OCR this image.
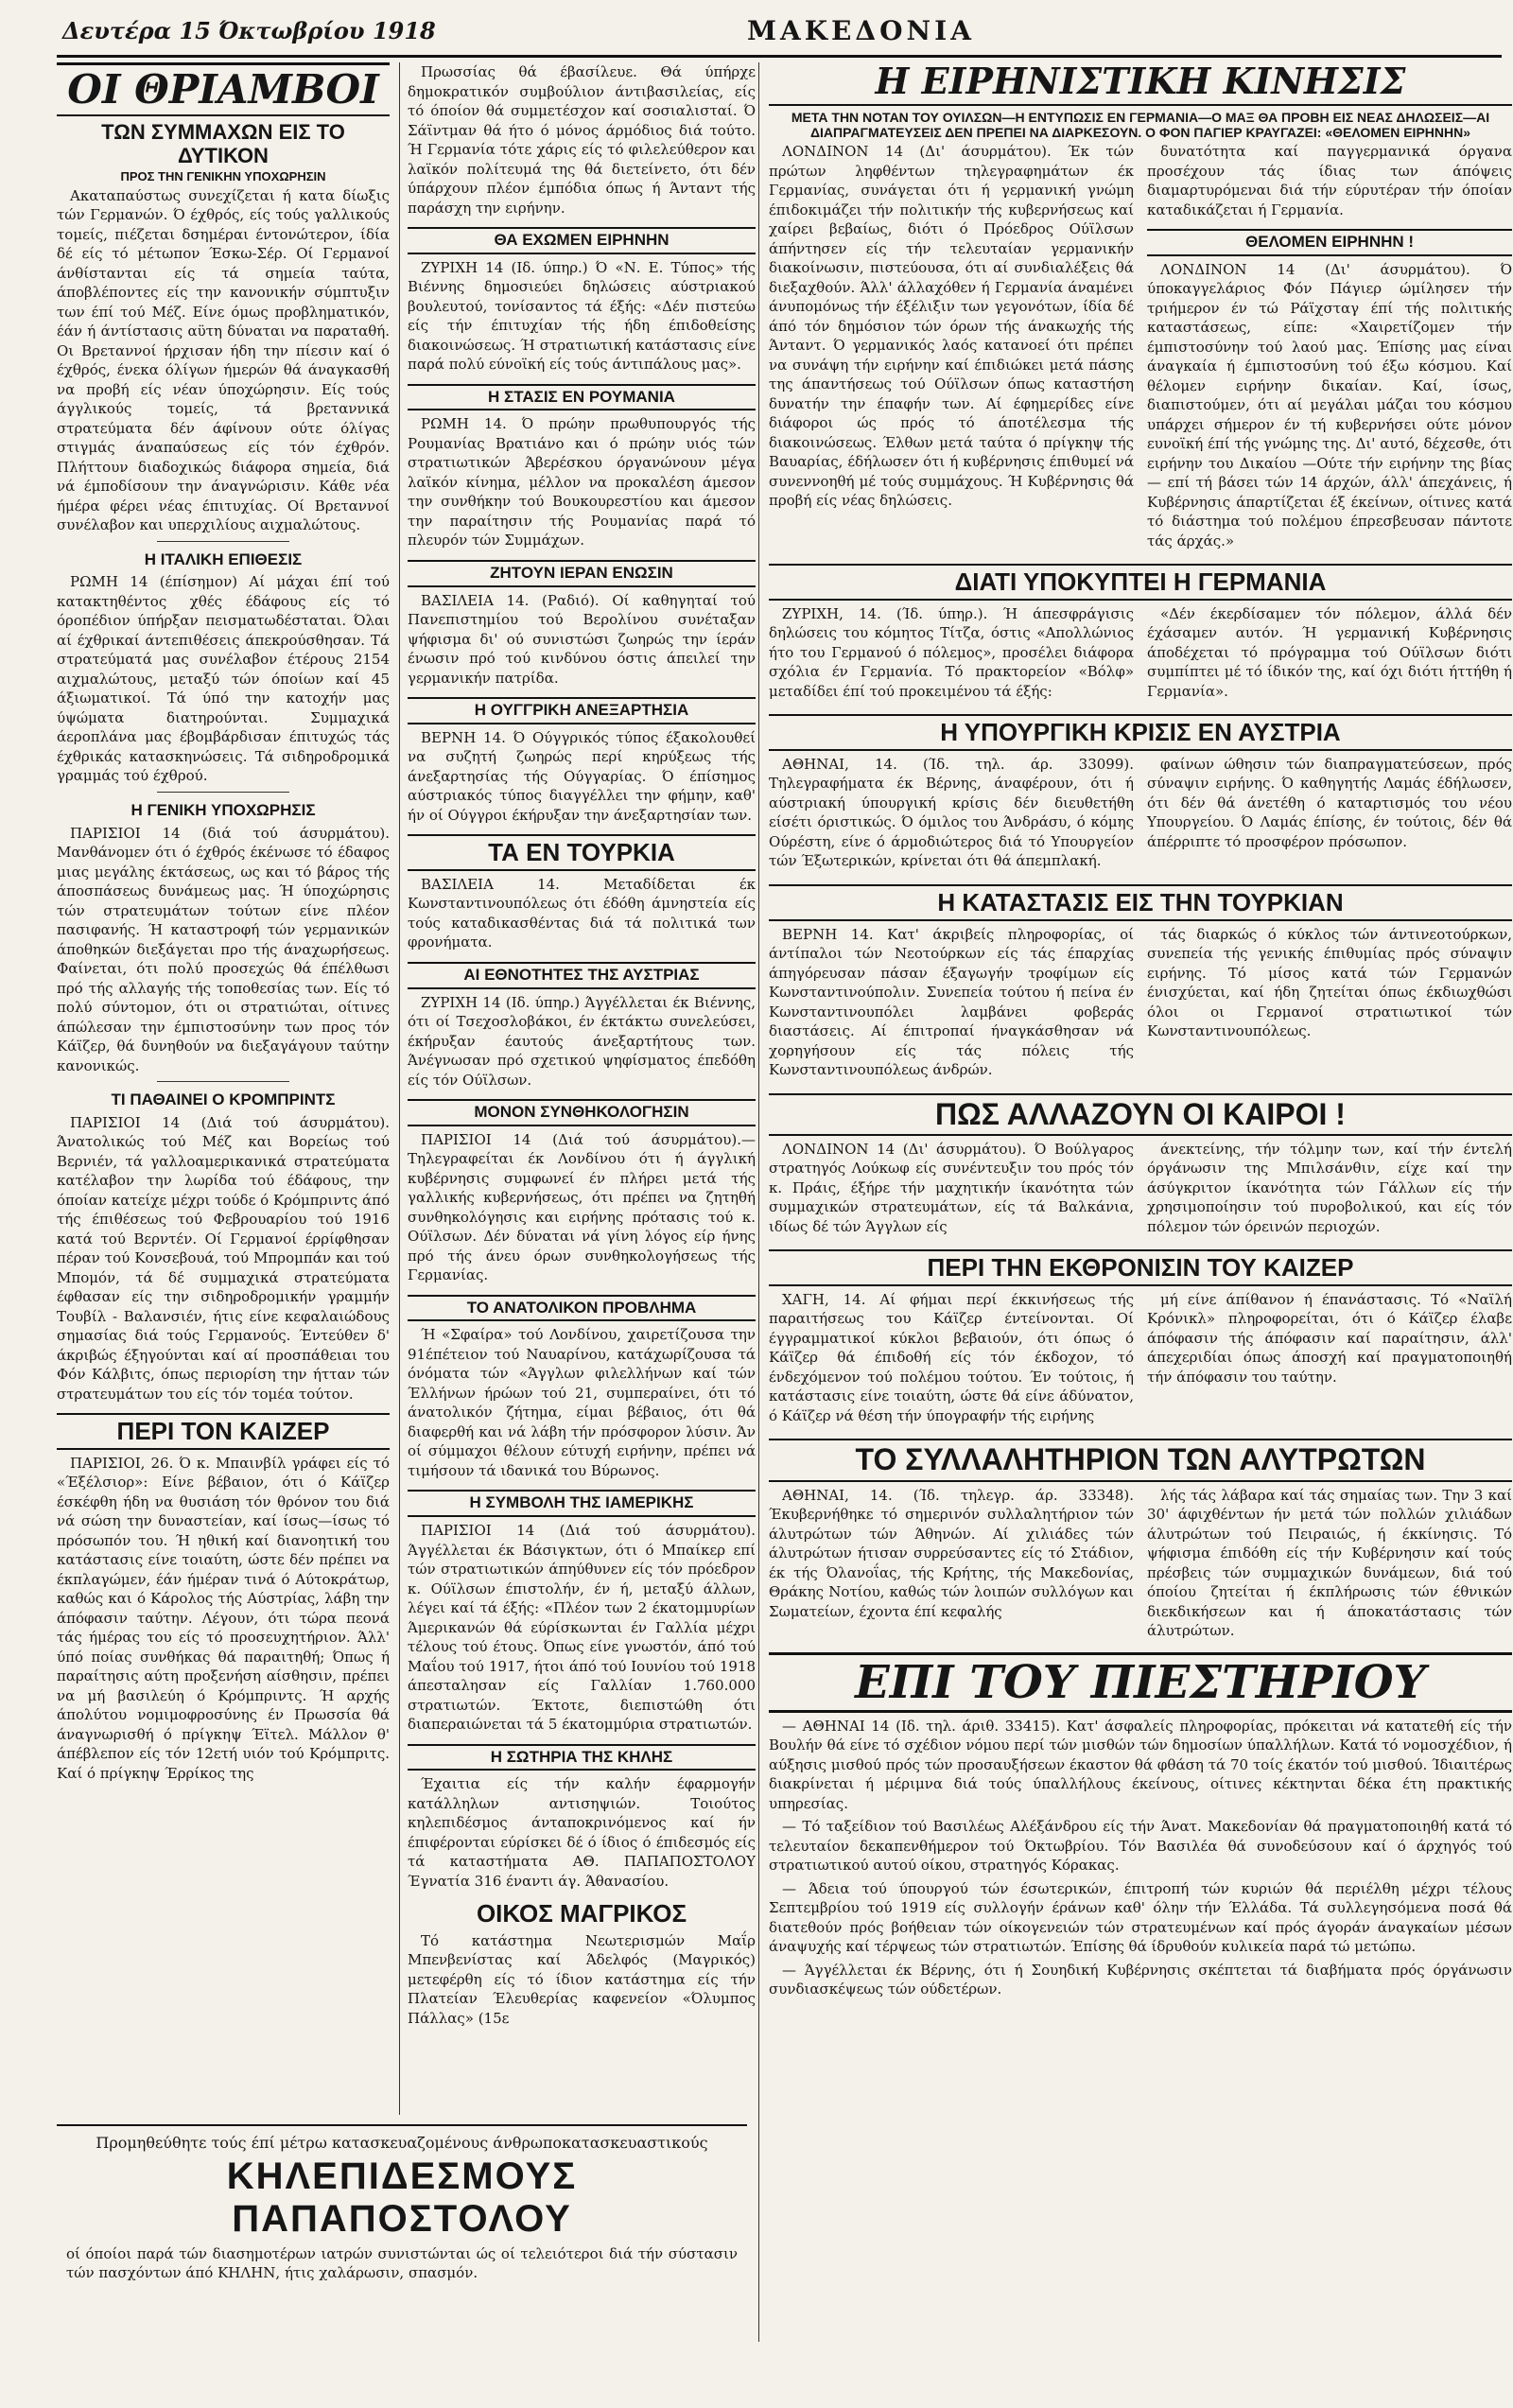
Δευτέρα 15 Όκτωβρίου 1918	ΜΑΚΕΔΟΝΙΑ
ΟΙ ΘΡΙΑΜΒΟΙ
ΤΩΝ ΣΥΜΜΑΧΩΝ ΕΙΣ ΤΟ ΔΥΤΙΚΟΝ
ΠΡΟΣ ΤΗΝ ΓΕΝΙΚΗΝ ΥΠΟΧΩΡΗΣΙΝ

Ακαταπαύστως συνεχίζεται ή κατα δίωξις τών Γερμανών. Ό έχθρός, είς τούς γαλλικούς τομείς, πιέζεται δσημέραι έντονώτερον, ίδία δέ είς τό μέτωπον Έσκω-Σέρ. Οί Γερμανοί άνθίστανται είς τά σημεία ταύτα, άποβλέποντες είς την κανονικήν σύμπτυξιν των έπί τού Μέζ. Είνε όμως προβληματικόν, έάν ή άντίστασις αϋτη δύναται να παραταθή. Οι Βρεταννοί ήρχισαν ήδη την πίεσιν καί ό έχθρός, ένεκα όλίγων ήμερών θά άναγκασθή να προβή είς νέαν ύποχώρησιν. Είς τούς άγγλικούς τομείς, τά βρεταννικά στρατεύματα δέν άφίνουν ούτε όλίγας στιγμάς άναπαύσεως είς τόν έχθρόν. Πλήττουν διαδοχικώς διάφορα σημεία, διά νά έμποδίσουν την άναγνώρισιν. Κάθε νέα ήμέρα φέρει νέας έπιτυχίας. Οί Βρεταννοί συνέλαβον και υπερχιλίους αιχμαλώτους.

Η ΙΤΑΛΙΚΗ ΕΠΙΘΕΣΙΣ

ΡΩΜΗ 14 (έπίσημον) Αί μάχαι έπί τού κατακτηθέντος χθές έδάφους είς τό όροπέδιον ύπήρξαν πεισματωδέσταται. Όλαι αί έχθρικαί άντεπιθέσεις άπεκρούσθησαν. Τά στρατεύματά μας συνέλαβον έτέρους 2154 αιχμαλώτους, μεταξύ τών όποίων καί 45 άξιωματικοί. Τά ύπό την κατοχήν μας ύψώματα διατηρούνται. Συμμαχικά άεροπλάνα μας έβομβάρδισαν έπιτυχώς τάς έχθρικάς κατασκηνώσεις. Τά σιδηροδρομικά γραμμάς τού έχθρού.

Η ΓΕΝΙΚΗ ΥΠΟΧΩΡΗΣΙΣ

ΠΑΡΙΣΙΟΙ 14 (διά τού άσυρμάτου). Μανθάνομεν ότι ό έχθρός έκένωσε τό έδαφος μιας μεγάλης έκτάσεως, ως και τό βάρος τής άποσπάσεως δυνάμεως μας. Ή ύποχώρησις τών στρατευμάτων τούτων είνε πλέον πασιφανής. Ή καταστροφή τών γερμανικών άποθηκών διεξάγεται προ τής άναχωρήσεως. Φαίνεται, ότι πολύ προσεχώς θά έπέλθωσι πρό τής αλλαγής τής τοποθεσίας των. Είς τό πολύ σύντομον, ότι οι στρατιώται, οίτινες άπώλεσαν την έμπιστοσύνην των προς τόν Κάϊζερ, θά δυνηθούν να διεξαγάγουν ταύτην κανονικώς.

ΤΙ ΠΑΘΑΙΝΕΙ Ο ΚΡΟΜΠΡΙΝΤΣ

ΠΑΡΙΣΙΟΙ 14 (Διά τού άσυρμάτου). Άνατολικώς τού Μέζ και Βορείως τού Βερνιέν, τά γαλλοαμερικανικά στρατεύματα κατέλαβον την λωρίδα τού έδάφους, την όποίαν κατείχε μέχρι τούδε ό Κρόμπριντς άπό τής έπιθέσεως τού Φεβρουαρίου τού 1916 κατά τού Βερντέν. Οί Γερμανοί έρρίφθησαν πέραν τού Κονσεβουά, τού Μπρομπάν και τού Μπομόν, τά δέ συμμαχικά στρατεύματα έφθασαν είς την σιδηροδρομικήν γραμμήν Τουβίλ - Βαλανσιέν, ήτις είνε κεφαλαιώδους σημασίας διά τούς Γερμανούς. Έντεύθεν δ' άκριβώς έξηγούνται καί αί προσπάθειαι του Φόν Κάλβιτς, όπως περιορίση την ήτταν τών στρατευμάτων του είς τόν τομέα τούτον.

ΠΕΡΙ ΤΟΝ ΚΑΙΖΕΡ

ΠΑΡΙΣΙΟΙ, 26. Ό κ. Μπαινβίλ γράφει είς τό «Έξέλσιορ»: Είνε βέβαιον, ότι ό Κάϊζερ έσκέφθη ήδη να θυσιάση τόν θρόνον του διά νά σώση την δυναστείαν, καί ίσως—ίσως τό πρόσωπόν του. Ή ηθική καί διανοητική του κατάστασις είνε τοιαύτη, ώστε δέν πρέπει να έκπλαγώμεν, έάν ήμέραν τινά ό Αύτοκράτωρ, καθώς και ό Κάρολος τής Αύστρίας, λάβη την άπόφασιν ταύτην. Λέγουν, ότι τώρα πεονά τάς ήμέρας του είς τό προσευχητήριον. Άλλ' ύπό ποίας συνθήκας θά παραιτηθή; Όπως ή παραίτησις αύτη προξενήση αίσθησιν, πρέπει να μή βασιλεύη ό Κρόμπριντς. Ή αρχής άπολύτου νομιμοφροσύνης έν Πρωσσία θά άναγνωρισθή ό πρίγκηψ Έϊτελ. Μάλλον θ' άπέβλεπον είς τόν 12ετή υιόν τού Κρόμπριτς. Καί ό πρίγκηψ Έρρίκος της

Πρωσσίας θά έβασίλευε. Θά ύπήρχε δημοκρατικόν συμβούλιον άντιβασιλείας, είς τό όποίον θά συμμετέσχον καί σοσιαλισταί. Ό Σάϊντμαν θά ήτο ό μόνος άρμόδιος διά τούτο. Ή Γερμανία τότε χάρις είς τό φιλελεύθερον και λαϊκόν πολίτευμά της θά διετείνετο, ότι δέν ύπάρχουν πλέον έμπόδια όπως ή Άνταντ τής παράσχη την ειρήνην.

ΘΑ ΕΧΩΜΕΝ ΕΙΡΗΝΗΝ

ΖΥΡΙΧΗ 14 (Ιδ. ύπηρ.) Ό «Ν. Ε. Τύπος» τής Βιέννης δημοσιεύει δηλώσεις αύστριακού βουλευτού, τονίσαντος τά έξής: «Δέν πιστεύω είς τήν έπιτυχίαν τής ήδη έπιδοθείσης διακοινώσεως. Ή στρατιωτική κατάστασις είνε παρά πολύ εύνοϊκή είς τούς άντιπάλους μας».

Η ΣΤΑΣΙΣ ΕΝ ΡΟΥΜΑΝΙΑ

ΡΩΜΗ 14. Ό πρώην πρωθυπουργός τής Ρουμανίας Βρατιάνο και ό πρώην υιός τών στρατιωτικών Άβερέσκου όργανώνουν μέγα λαϊκόν κίνημα, μέλλον να προκαλέση άμεσον την συνθήκην τού Βουκουρεστίου και άμεσον την παραίτησιν τής Ρουμανίας παρά τό πλευρόν τών Συμμάχων.

ΖΗΤΟΥΝ ΙΕΡΑΝ ΕΝΩΣΙΝ

ΒΑΣΙΛΕΙΑ 14. (Ραδιό). Οί καθηγηταί τού Πανεπιστημίου τού Βερολίνου συνέταξαν ψήφισμα δι' ού συνιστώσι ζωηρώς την ίεράν ένωσιν πρό τού κινδύνου όστις άπειλεί την γερμανικήν πατρίδα.

Η ΟΥΓΓΡΙΚΗ ΑΝΕΞΑΡΤΗΣΙΑ

ΒΕΡΝΗ 14. Ό Ούγγρικός τύπος έξακολουθεί να συζητή ζωηρώς περί κηρύξεως τής άνεξαρτησίας τής Ούγγαρίας. Ό έπίσημος αύστριακός τύπος διαγγέλλει την φήμην, καθ' ήν οί Ούγγροι έκήρυξαν την άνεξαρτησίαν των.

ΤΑ ΕΝ ΤΟΥΡΚΙΑ

ΒΑΣΙΛΕΙΑ 14. Μεταδίδεται έκ Κωνσταντινουπόλεως ότι έδόθη άμνηστεία είς τούς καταδικασθέντας διά τά πολιτικά των φρονήματα.

ΑΙ ΕΘΝΟΤΗΤΕΣ ΤΗΣ ΑΥΣΤΡΙΑΣ

ΖΥΡΙΧΗ 14 (Ιδ. ύπηρ.) Άγγέλλεται έκ Βιέννης, ότι οί Τσεχοσλοβάκοι, έν έκτάκτω συνελεύσει, έκήρυξαν έαυτούς άνεξαρτήτους των. Άνέγνωσαν πρό σχετικού ψηφίσματος έπεδόθη είς τόν Ούϊλσων.

ΜΟΝΟΝ ΣΥΝΘΗΚΟΛΟΓΗΣΙΝ

ΠΑΡΙΣΙΟΙ 14 (Διά τού άσυρμάτου).—Τηλεγραφείται έκ Λονδίνου ότι ή άγγλική κυβέρνησις συμφωνεί έν πλήρει μετά τής γαλλικής κυβερνήσεως, ότι πρέπει να ζητηθή συνθηκολόγησις και ειρήνης πρότασις τού κ. Ούϊλσων. Δέν δύναται νά γίνη λόγος είρ ήνης πρό τής άνευ όρων συνθηκολογήσεως τής Γερμανίας.

ΤΟ ΑΝΑΤΟΛΙΚΟΝ ΠΡΟΒΛΗΜΑ

Ή «Σφαίρα» τού Λονδίνου, χαιρετίζουσα την 91έπέτειον τού Ναυαρίνου, κατάχωρίζουσα τά όνόματα τών «Άγγλων φιλελλήνων καί τών Έλλήνων ήρώων τού 21, συμπεραίνει, ότι τό άνατολικόν ζήτημα, είμαι βέβαιος, ότι θά διαφερθή και νά λάβη τήν πρόσφορον λύσιν. Άν οί σύμμαχοι θέλουν εύτυχή ειρήνην, πρέπει νά τιμήσουν τά ιδανικά του Βύρωνος.

Η ΣΥΜΒΟΛΗ ΤΗΣ ΙΑΜΕΡΙΚΗΣ

ΠΑΡΙΣΙΟΙ 14 (Διά τού άσυρμάτου). Άγγέλλεται έκ Βάσιγκτων, ότι ό Μπαίκερ επί τών στρατιωτικών άπηύθυνεν είς τόν πρόεδρον κ. Ούϊλσων έπιστολήν, έν ή, μεταξύ άλλων, λέγει καί τά έξής: «Πλέον των 2 έκατομμυρίων Άμερικανών θά εύρίσκωνται έν Γαλλία μέχρι τέλους τού έτους. Όπως είνε γνωστόν, άπό τού Μαΐου τού 1917, ήτοι άπό τού Ιουνίου τού 1918 άπεσταλησαν είς Γαλλίαν 1.760.000 στρατιωτών. Έκτοτε, διεπιστώθη ότι διαπεραιώνεται τά 5 έκατομμύρια στρατιωτών.

Η ΣΩΤΗΡΙΑ ΤΗΣ ΚΗΛΗΣ

Έχαιτια είς τήν καλήν έφαρμογήν κατάλληλων αντισηψιών. Τοιούτος κηλεπιδέσμος άνταποκρινόμενος καί ήν έπιφέρονται εύρίσκει δέ ό ίδιος ό έπιδεσμός είς τά καταστήματα ΑΘ. ΠΑΠΑΠΟΣΤΟΛΟΥ Έγνατία 316 έναντι άγ. Άθανασίου.

ΟΙΚΟΣ ΜΑΓΡΙΚΟΣ

Τό κατάστημα Νεωτερισμών Μαΐρ Μπενβενίστας καί Άδελφός (Μαγρικός) μετεφέρθη είς τό ίδιον κατάστημα είς τήν Πλατείαν Έλευθερίας καφενείον «Όλυμπος Πάλλας» (15ε

Η ΕΙΡΗΝΙΣΤΙΚΗ ΚΙΝΗΣΙΣ
ΜΕΤΑ ΤΗΝ ΝΟΤΑΝ ΤΟΥ ΟΥΙΛΣΩΝ—Η ΕΝΤΥΠΩΣΙΣ ΕΝ ΓΕΡΜΑΝΙΑ—Ο ΜΑΞ ΘΑ ΠΡΟΒΗ ΕΙΣ ΝΕΑΣ ΔΗΛΩΣΕΙΣ—ΑΙ ΔΙΑΠΡΑΓΜΑΤΕΥΣΕΙΣ ΔΕΝ ΠΡΕΠΕΙ ΝΑ ΔΙΑΡΚΕΣΟΥΝ. Ο ΦΟΝ ΠΑΓΙΕΡ ΚΡΑΥΓΑΖΕΙ: «ΘΕΛΟΜΕΝ ΕΙΡΗΝΗΝ»

ΛΟΝΔΙΝΟΝ 14 (Δι' άσυρμάτου). Έκ τών πρώτων ληφθέντων τηλεγραφημάτων έκ Γερμανίας, συνάγεται ότι ή γερμανική γνώμη έπιδοκιμάζει τήν πολιτικήν τής κυβερνήσεως καί χαίρει βεβαίως, διότι ό Πρόεδρος Ούϊλσων άπήντησεν είς τήν τελευταίαν γερμανικήν διακοίνωσιν, πιστεύουσα, ότι αί συνδιαλέξεις θά διεξαχθούν. Άλλ' άλλαχόθεν ή Γερμανία άναμένει άνυπομόνως τήν έξέλιξιν των γεγονότων, ίδία δέ άπό τόν δημόσιον τών όρων τής άνακωχής τής Άνταντ. Ό γερμανικός λαός κατανοεί ότι πρέπει να συνάψη τήν ειρήνην καί έπιδιώκει μετά πάσης της άπαντήσεως τού Ούϊλσων όπως καταστήση δυνατήν την έπαφήν των. Αί έφημερίδες είνε διάφοροι ώς πρός τό άποτέλεσμα τής διακοινώσεως. Έλθων μετά ταύτα ό πρίγκηψ τής Βαυαρίας, έδήλωσεν ότι ή κυβέρνησις έπιθυμεί νά συνεννοηθή μέ τούς συμμάχους. Ή Κυβέρνησις θά προβή είς νέας δηλώσεις.

δυνατότητα καί παγγερμανικά όργανα προσέχουν τάς ίδιας των άπόψεις διαμαρτυρόμεναι διά τήν εύρυτέραν τήν όποίαν καταδικάζεται ή Γερμανία.

ΘΕΛΟΜΕΝ ΕΙΡΗΝΗΝ !

ΛΟΝΔΙΝΟΝ 14 (Δι' άσυρμάτου). Ό ύποκαγγελάριος Φόν Πάγιερ ώμίλησεν τήν τριήμερον έν τώ Ράϊχσταγ έπί τής πολιτικής καταστάσεως, είπε: «Χαιρετίζομεν τήν έμπιστοσύνην τού λαού μας. Έπίσης μας είναι άναγκαία ή έμπιστοσύνη τού έξω κόσμου. Καί θέλομεν ειρήνην δικαίαν. Καί, ίσως, διαπιστούμεν, ότι αί μεγάλαι μάζαι του κόσμου υπάρχει σήμερον έν τή κυβερνήσει ούτε μόνον ευνοϊκή έπί τής γνώμης της. Δι' αυτό, δέχεσθε, ότι ειρήνην του Δικαίου —Ούτε τήν ειρήνην της βίας— επί τή βάσει τών 14 άρχών, άλλ' άπεχάνεις, ή Κυβέρνησις άπαρτίζεται έξ έκείνων, οίτινες κατά τό διάστημα τού πολέμου έπρεσβευσαν πάντοτε τάς άρχάς.»

ΔΙΑΤΙ ΥΠΟΚΥΠΤΕΙ Η ΓΕΡΜΑΝΙΑ

ΖΥΡΙΧΗ, 14. (Ίδ. ύπηρ.). Ή άπεσφράγισις δηλώσεις του κόμητος Τίτζα, όστις «Απολλώνιος ήτο του Γερμανού ό πόλεμος», προσέλει διάφορα σχόλια έν Γερμανία. Τό πρακτορείον «Βόλφ» μεταδίδει έπί τού προκειμένου τά έξής:

«Δέν έκερδίσαμεν τόν πόλεμον, άλλά δέν έχάσαμεν αυτόν. Ή γερμανική Κυβέρνησις άποδέχεται τό πρόγραμμα τού Ούϊλσων διότι συμπίπτει μέ τό ίδικόν της, καί όχι διότι ήττήθη ή Γερμανία».

Η ΥΠΟΥΡΓΙΚΗ ΚΡΙΣΙΣ ΕΝ ΑΥΣΤΡΙΑ

ΑΘΗΝΑΙ, 14. (Ίδ. τηλ. άρ. 33099). Τηλεγραφήματα έκ Βέρνης, άναφέρουν, ότι ή αύστριακή ύπουργική κρίσις δέν διευθετήθη είσέτι όριστικώς. Ό όμιλος του Άνδράσυ, ό κόμης Ούρέστη, είνε ό άρμοδιώτερος διά τό Υπουργείον τών Έξωτερικών, κρίνεται ότι θά άπεμπλακή.

φαίνων ώθησιν τών διαπραγματεύσεων, πρός σύναψιν ειρήνης. Ό καθηγητής Λαμάς έδήλωσεν, ότι δέν θά άνετέθη ό καταρτισμός του νέου Υπουργείου. Ό Λαμάς έπίσης, έν τούτοις, δέν θά άπέρριπτε τό προσφέρον πρόσωπον.

Η ΚΑΤΑΣΤΑΣΙΣ ΕΙΣ ΤΗΝ ΤΟΥΡΚΙΑΝ

ΒΕΡΝΗ 14. Κατ' άκριβείς πληροφορίας, οί άντίπαλοι τών Νεοτούρκων είς τάς έπαρχίας άπηγόρευσαν πάσαν έξαγωγήν τροφίμων είς Κωνσταντινούπολιν. Συνεπεία τούτου ή πείνα έν Κωνσταντινουπόλει λαμβάνει φοβεράς διαστάσεις. Αί έπιτροπαί ήναγκάσθησαν νά χορηγήσουν είς τάς πόλεις τής Κωνσταντινουπόλεως άνδρών.

τάς διαρκώς ό κύκλος τών άντινεοτούρκων, συνεπεία τής γενικής έπιθυμίας πρός σύναψιν ειρήνης. Τό μίσος κατά τών Γερμανών ένισχύεται, καί ήδη ζητείται όπως έκδιωχθώσι όλοι οι Γερμανοί στρατιωτικοί τών Κωνσταντινουπόλεως.

ΠΩΣ ΑΛΛΑΖΟΥΝ ΟΙ ΚΑΙΡΟΙ !

ΛΟΝΔΙΝΟΝ 14 (Δι' άσυρμάτου). Ό Βούλγαρος στρατηγός Λούκωφ είς συνέντευξιν του πρός τόν κ. Πράις, έξήρε τήν μαχητικήν ίκανότητα τών συμμαχικών στρατευμάτων, είς τά Βαλκάνια, ιδίως δέ τών Άγγλων είς

άνεκτείνης, τήν τόλμην των, καί τήν έντελή όργάνωσιν της Μπιλσάνθιν, είχε καί την άσύγκριτον ίκανότητα τών Γάλλων είς τήν χρησιμοποίησιν τού πυροβολικού, και είς τόν πόλεμον τών όρεινών περιοχών.

ΠΕΡΙ ΤΗΝ ΕΚΘΡΟΝΙΣΙΝ ΤΟΥ ΚΑΙΖΕΡ

ΧΑΓΗ, 14. Αί φήμαι περί έκκινήσεως τής παραιτήσεως του Κάϊζερ έντείνονται. Οί έγγραμματικοί κύκλοι βεβαιούν, ότι όπως ό Κάϊζερ θά έπιδοθή είς τόν έκδοχον, τό ένδεχόμενον τού πολέμου τούτου. Έν τούτοις, ή κατάστασις είνε τοιαύτη, ώστε θά είνε άδύνατον, ό Κάϊζερ νά θέση τήν ύπογραφήν τής ειρήνης

μή είνε άπίθανον ή έπανάστασις. Τό «Ναϊλή Κρόνικλ» πληροφορείται, ότι ό Κάϊζερ έλαβε άπόφασιν τής άπόφασιν καί παραίτησιν, άλλ' άπεχεριδίαι όπως άποσχή καί πραγματοποιηθή τήν άπόφασιν του ταύτην.

ΤΟ ΣΥΛΛΑΛΗΤΗΡΙΟΝ ΤΩΝ ΑΛΥΤΡΩΤΩΝ

ΑΘΗΝΑΙ, 14. (Ίδ. τηλεγρ. άρ. 33348). Έκυβερνήθηκε τό σημερινόν συλλαλητήριον τών άλυτρώτων τών Άθηνών. Αί χιλιάδες τών άλυτρώτων ήτισαν συρρεύσαντες είς τό Στάδιον, έκ τής Όλανοΐας, τής Κρήτης, τής Μακεδονίας, Θράκης Νοτίου, καθώς τών λοιπών συλλόγων και Σωματείων, έχοντα έπί κεφαλής

λής τάς λάβαρα καί τάς σημαίας των. Την 3 καί 30' άφιχθέντων ήν μετά τών πολλών χιλιάδων άλυτρώτων τού Πειραιώς, ή έκκίνησις. Τό ψήφισμα έπιδόθη είς τήν Κυβέρνησιν καί τούς πρέσβεις τών συμμαχικών δυνάμεων, διά τού όποίου ζητείται ή έκπλήρωσις τών έθνικών διεκδικήσεων και ή άποκατάστασις τών άλυτρώτων.

ΕΠΙ ΤΟΥ ΠΙΕΣΤΗΡΙΟΥ

— ΑΘΗΝΑΙ 14 (Ιδ. τηλ. άριθ. 33415). Κατ' άσφαλείς πληροφορίας, πρόκειται νά κατατεθή είς τήν Βουλήν θά είνε τό σχέδιον νόμου περί τών μισθών τών δημοσίων ύπαλλήλων. Κατά τό νομοσχέδιον, ή αύξησις μισθού πρός τών προσαυξήσεων έκαστον θά φθάση τά 70 τοίς έκατόν τού μισθού. Ίδιαιτέρως διακρίνεται ή μέριμνα διά τούς ύπαλλήλους έκείνους, οίτινες κέκτηνται δέκα έτη πρακτικής υπηρεσίας.

— Τό ταξείδιον τού Βασιλέως Αλέξάνδρου είς τήν Άνατ. Μακεδονίαν θά πραγματοποιηθή κατά τό τελευταίον δεκαπενθήμερον τού Όκτωβρίου. Τόν Βασιλέα θά συνοδεύσουν καί ό άρχηγός τού στρατιωτικού αυτού οίκου, στρατηγός Κόρακας.

— Άδεια τού ύπουργού τών έσωτερικών, έπιτροπή τών κυριών θά περιέλθη μέχρι τέλους Σεπτεμβρίου τού 1919 είς συλλογήν έράνων καθ' όλην τήν Έλλάδα. Τά συλλεγησόμενα ποσά θά διατεθούν πρός βοήθειαν τών οίκογενειών τών στρατευμένων καί πρός άγοράν άναγκαίων μέσων άναψυχής καί τέρψεως τών στρατιωτών. Έπίσης θά ίδρυθούν κυλικεία παρά τώ μετώπω.

— Άγγέλλεται έκ Βέρνης, ότι ή Σουηδική Κυβέρνησις σκέπτεται τά διαβήματα πρός όργάνωσιν συνδιασκέψεως τών ούδετέρων.

Προμηθεύθητε τούς έπί μέτρω κατασκευαζομένους άνθρωποκατασκευαστικούς
ΚΗΛΕΠΙΔΕΣΜΟΥΣ ΠΑΠΑΠΟΣΤΟΛΟΥ
οί όποίοι παρά τών διασημοτέρων ιατρών συνιστώνται ώς οί τελειότεροι διά τήν σύστασιν τών πασχόντων άπό ΚΗΛΗΝ, ήτις χαλάρωσιν, σπασμόν.
